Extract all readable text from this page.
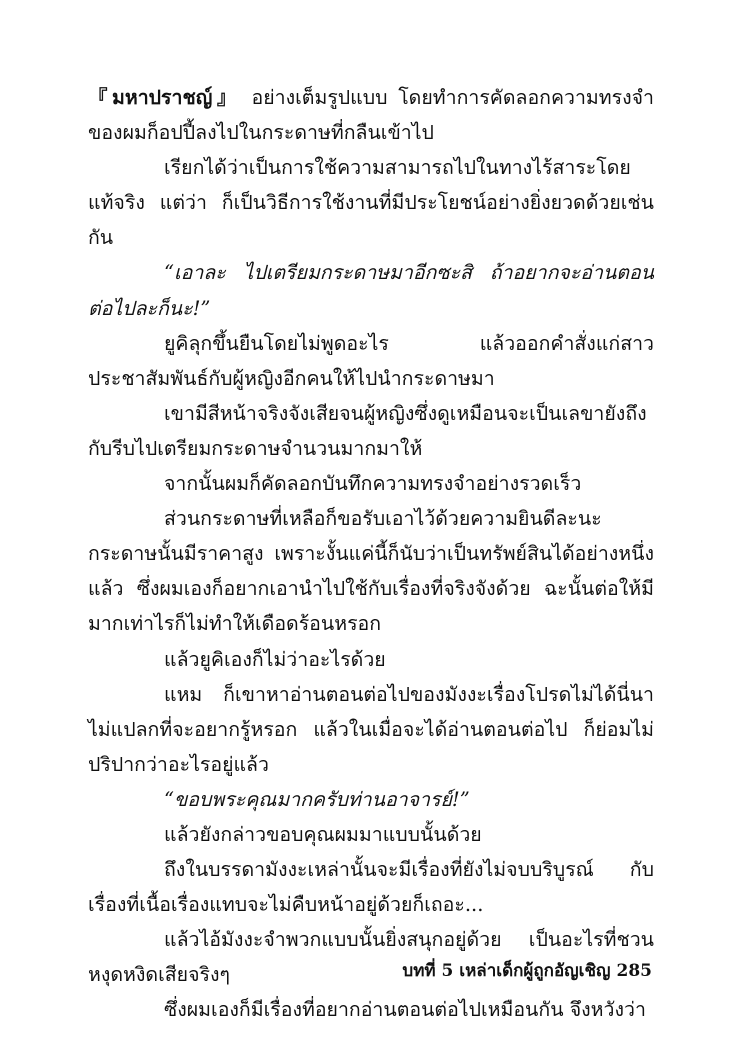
『มหาปราชญ์』 อย่างเต็มรูปแบบ โดยทำการคัดลอกความทรงจำของผมก็อปปี้ลงไปในกระดาษที่กลืนเข้าไป

เรียกได้ว่าเป็นการใช้ความสามารถไปในทางไร้สาระโดยแท้จริง แต่ว่า ก็เป็นวิธีการใช้งานที่มีประโยชน์อย่างยิ่งยวดด้วยเช่นกัน

“เอาละ ไปเตรียมกระดาษมาอีกซะสิ ถ้าอยากจะอ่านตอนต่อไปละก็นะ!”

ยูคิลุกขึ้นยืนโดยไม่พูดอะไร แล้วออกคำสั่งแก่สาวประชาสัมพันธ์กับผู้หญิงอีกคนให้ไปนำกระดาษมา

เขามีสีหน้าจริงจังเสียจนผู้หญิงซึ่งดูเหมือนจะเป็นเลขายังถึงกับรีบไปเตรียมกระดาษจำนวนมากมาให้

จากนั้นผมก็คัดลอกบันทึกความทรงจำอย่างรวดเร็ว

ส่วนกระดาษที่เหลือก็ขอรับเอาไว้ด้วยความยินดีละนะ กระดาษนั้นมีราคาสูง เพราะงั้นแค่นี้ก็นับว่าเป็นทรัพย์สินได้อย่างหนึ่งแล้ว ซึ่งผมเองก็อยากเอานำไปใช้กับเรื่องที่จริงจังด้วย ฉะนั้นต่อให้มีมากเท่าไรก็ไม่ทำให้เดือดร้อนหรอก

แล้วยูคิเองก็ไม่ว่าอะไรด้วย

แหม ก็เขาหาอ่านตอนต่อไปของมังงะเรื่องโปรดไม่ได้นี่นา ไม่แปลกที่จะอยากรู้หรอก แล้วในเมื่อจะได้อ่านตอนต่อไป ก็ย่อมไม่ปริปากว่าอะไรอยู่แล้ว

“ขอบพระคุณมากครับท่านอาจารย์!”

แล้วยังกล่าวขอบคุณผมมาแบบนั้นด้วย

ถึงในบรรดามังงะเหล่านั้นจะมีเรื่องที่ยังไม่จบบริบูรณ์ กับเรื่องที่เนื้อเรื่องแทบจะไม่คืบหน้าอยู่ด้วยก็เถอะ...

แล้วไอ้มังงะจำพวกแบบนั้นยิ่งสนุกอยู่ด้วย เป็นอะไรที่ชวนหงุดหงิดเสียจริงๆ

ซึ่งผมเองก็มีเรื่องที่อยากอ่านตอนต่อไปเหมือนกัน จึงหวังว่า

บทที่ 5 เหล่าเด็กผู้ถูกอัญเชิญ 285
